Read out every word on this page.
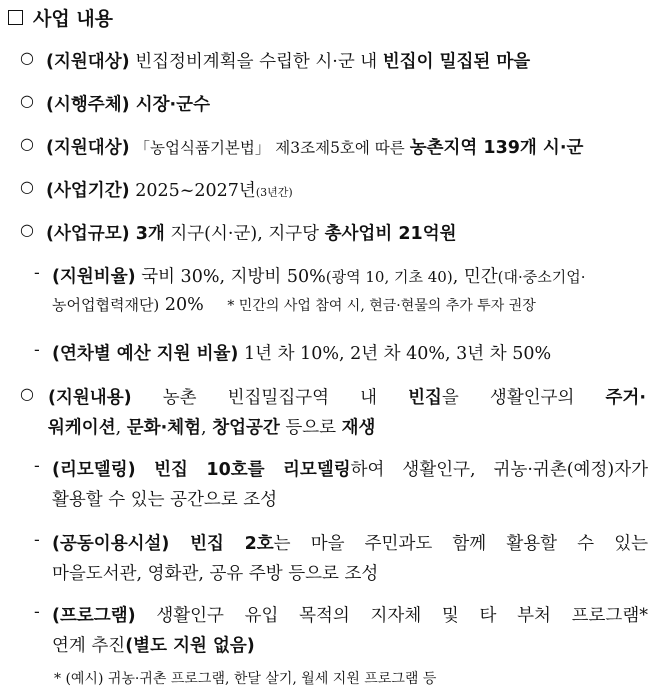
사업 내용
○ (지원대상) 빈집정비계획을 수립한 시·군 내 빈집이 밀집된 마을
○ (시행주체) 시장·군수
○ (지원대상) 「농업식품기본법」 제3조제5호에 따른 농촌지역 139개 시·군
○ (사업기간) 2025~2027년(3년간)
○ (사업규모) 3개 지구(시·군), 지구당 총사업비 21억원
- (지원비율) 국비 30%, 지방비 50%(광역 10, 기초 40), 민간(대·중소기업·
농어업협력재단) 20% * 민간의 사업 참여 시, 현금·현물의 추가 투자 권장
- (연차별 예산 지원 비율) 1년 차 10%, 2년 차 40%, 3년 차 50%
○ (지원내용) 농촌 빈집밀집구역 내 빈집을 생활인구의 주거·
워케이션, 문화·체험, 창업공간 등으로 재생
- (리모델링) 빈집 10호를 리모델링하여 생활인구, 귀농·귀촌(예정)자가
활용할 수 있는 공간으로 조성
- (공동이용시설) 빈집 2호는 마을 주민과도 함께 활용할 수 있는
마을도서관, 영화관, 공유 주방 등으로 조성
- (프로그램) 생활인구 유입 목적의 지자체 및 타 부처 프로그램*
연계 추진(별도 지원 없음)
* (예시) 귀농·귀촌 프로그램, 한달 살기, 월세 지원 프로그램 등
